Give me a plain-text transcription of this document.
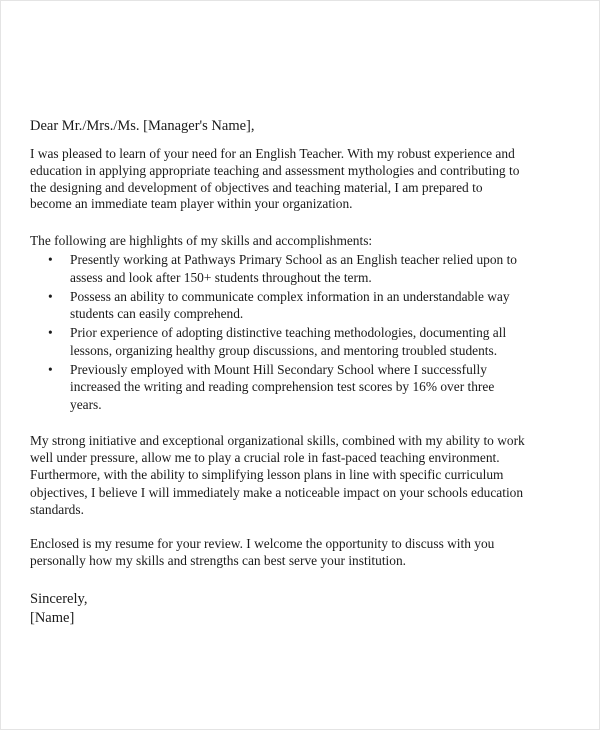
Dear Mr./Mrs./Ms. [Manager's Name],
I was pleased to learn of your need for an English Teacher. With my robust experience and
education in applying appropriate teaching and assessment mythologies and contributing to
the designing and development of objectives and teaching material, I am prepared to
become an immediate team player within your organization.
The following are highlights of my skills and accomplishments:
• Presently working at Pathways Primary School as an English teacher relied upon to
assess and look after 150+ students throughout the term.
• Possess an ability to communicate complex information in an understandable way
students can easily comprehend.
• Prior experience of adopting distinctive teaching methodologies, documenting all
lessons, organizing healthy group discussions, and mentoring troubled students.
• Previously employed with Mount Hill Secondary School where I successfully
increased the writing and reading comprehension test scores by 16% over three
years.
My strong initiative and exceptional organizational skills, combined with my ability to work
well under pressure, allow me to play a crucial role in fast-paced teaching environment.
Furthermore, with the ability to simplifying lesson plans in line with specific curriculum
objectives, I believe I will immediately make a noticeable impact on your schools education
standards.
Enclosed is my resume for your review. I welcome the opportunity to discuss with you
personally how my skills and strengths can best serve your institution.
Sincerely,
[Name]
